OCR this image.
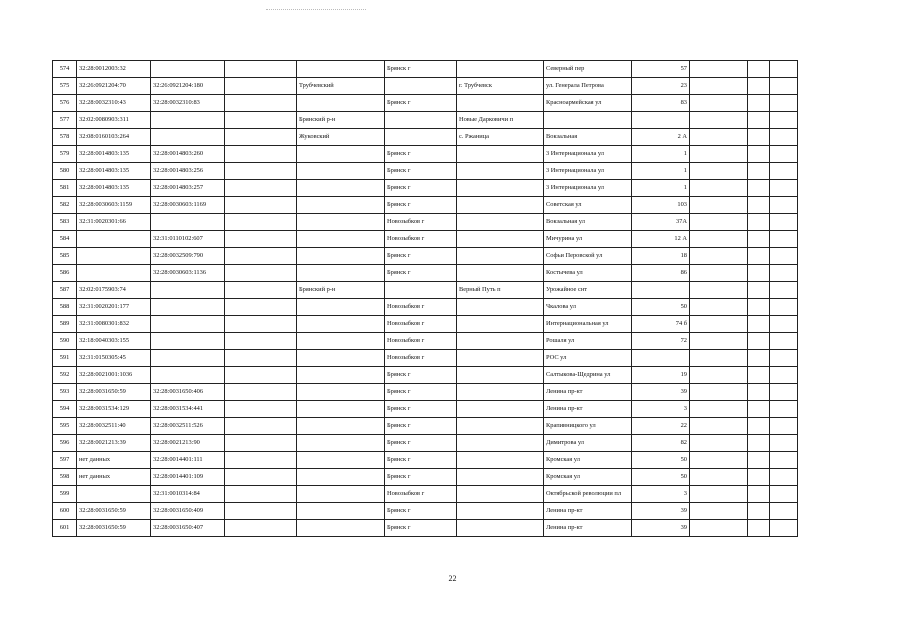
574	32:28:0012003:32				Брянск г		Северный пер	57			
575	32:26:0921204:70	32:26:0921204:180		Трубчевский		г. Трубчевск	ул. Генерала Петрова	23			
576	32:28:0032310:43	32:28:0032310:83			Брянск г		Красноармейская ул	83			
577	32:02:0080903:311			Брянский р-н		Новые Дарковичи п					
578	32:08:0160103:264			Жуковский		с. Ржаница	Вокзальная	2 А			
579	32:28:0014803:135	32:28:0014803:260			Брянск г		3 Интернационала ул	1			
580	32:28:0014803:135	32:28:0014803:256			Брянск г		3 Интернационала ул	1			
581	32:28:0014803:135	32:28:0014803:257			Брянск г		3 Интернационала ул	1			
582	32:28:0030603:1159	32:28:0030603:1169			Брянск г		Советская ул	103			
583	32:31:0020301:66				Новозыбков г		Вокзальная ул	37А			
584		32:31:0110102:607			Новозыбков г		Мичурина ул	12 А			
585		32:28:0032509:790			Брянск г		Софьи Перовской ул	18			
586		32:28:0030603:1136			Брянск г		Костычева ул	86			
587	32:02:0175903:74			Брянский р-н		Верный Путь п	Урожайное снт				
588	32:31:0020201:177				Новозыбков г		Чкалова ул	50			
589	32:31:0080301:832				Новозыбков г		Интернациональная ул	74 б			
590	32:18:0040303:155				Новозыбков г		Рошаля ул	72			
591	32:31:0150305:45				Новозыбков г		РОС ул				
592	32:28:0021001:1036				Брянск г		Салтыкова-Щедрина ул	19			
593	32:28:0031650:59	32:28:0031650:406			Брянск г		Ленина пр-кт	39			
594	32:28:0031534:129	32:28:0031534:441			Брянск г		Ленина пр-кт	3			
595	32:28:0032511:40	32:28:0032511:526			Брянск г		Крапивницкого ул	22			
596	32:28:0021213:39	32:28:0021213:90			Брянск г		Димитрова ул	82			
597	нет данных	32:28:0014401:111			Брянск г		Кромская ул	50			
598	нет данных	32:28:0014401:109			Брянск г		Кромская ул	50			
599		32:31:0010314:84			Новозыбков г		Октябрьской революции пл	3			
600	32:28:0031650:59	32:28:0031650:409			Брянск г		Ленина пр-кт	39			
601	32:28:0031650:59	32:28:0031650:407			Брянск г		Ленина пр-кт	39			
22
